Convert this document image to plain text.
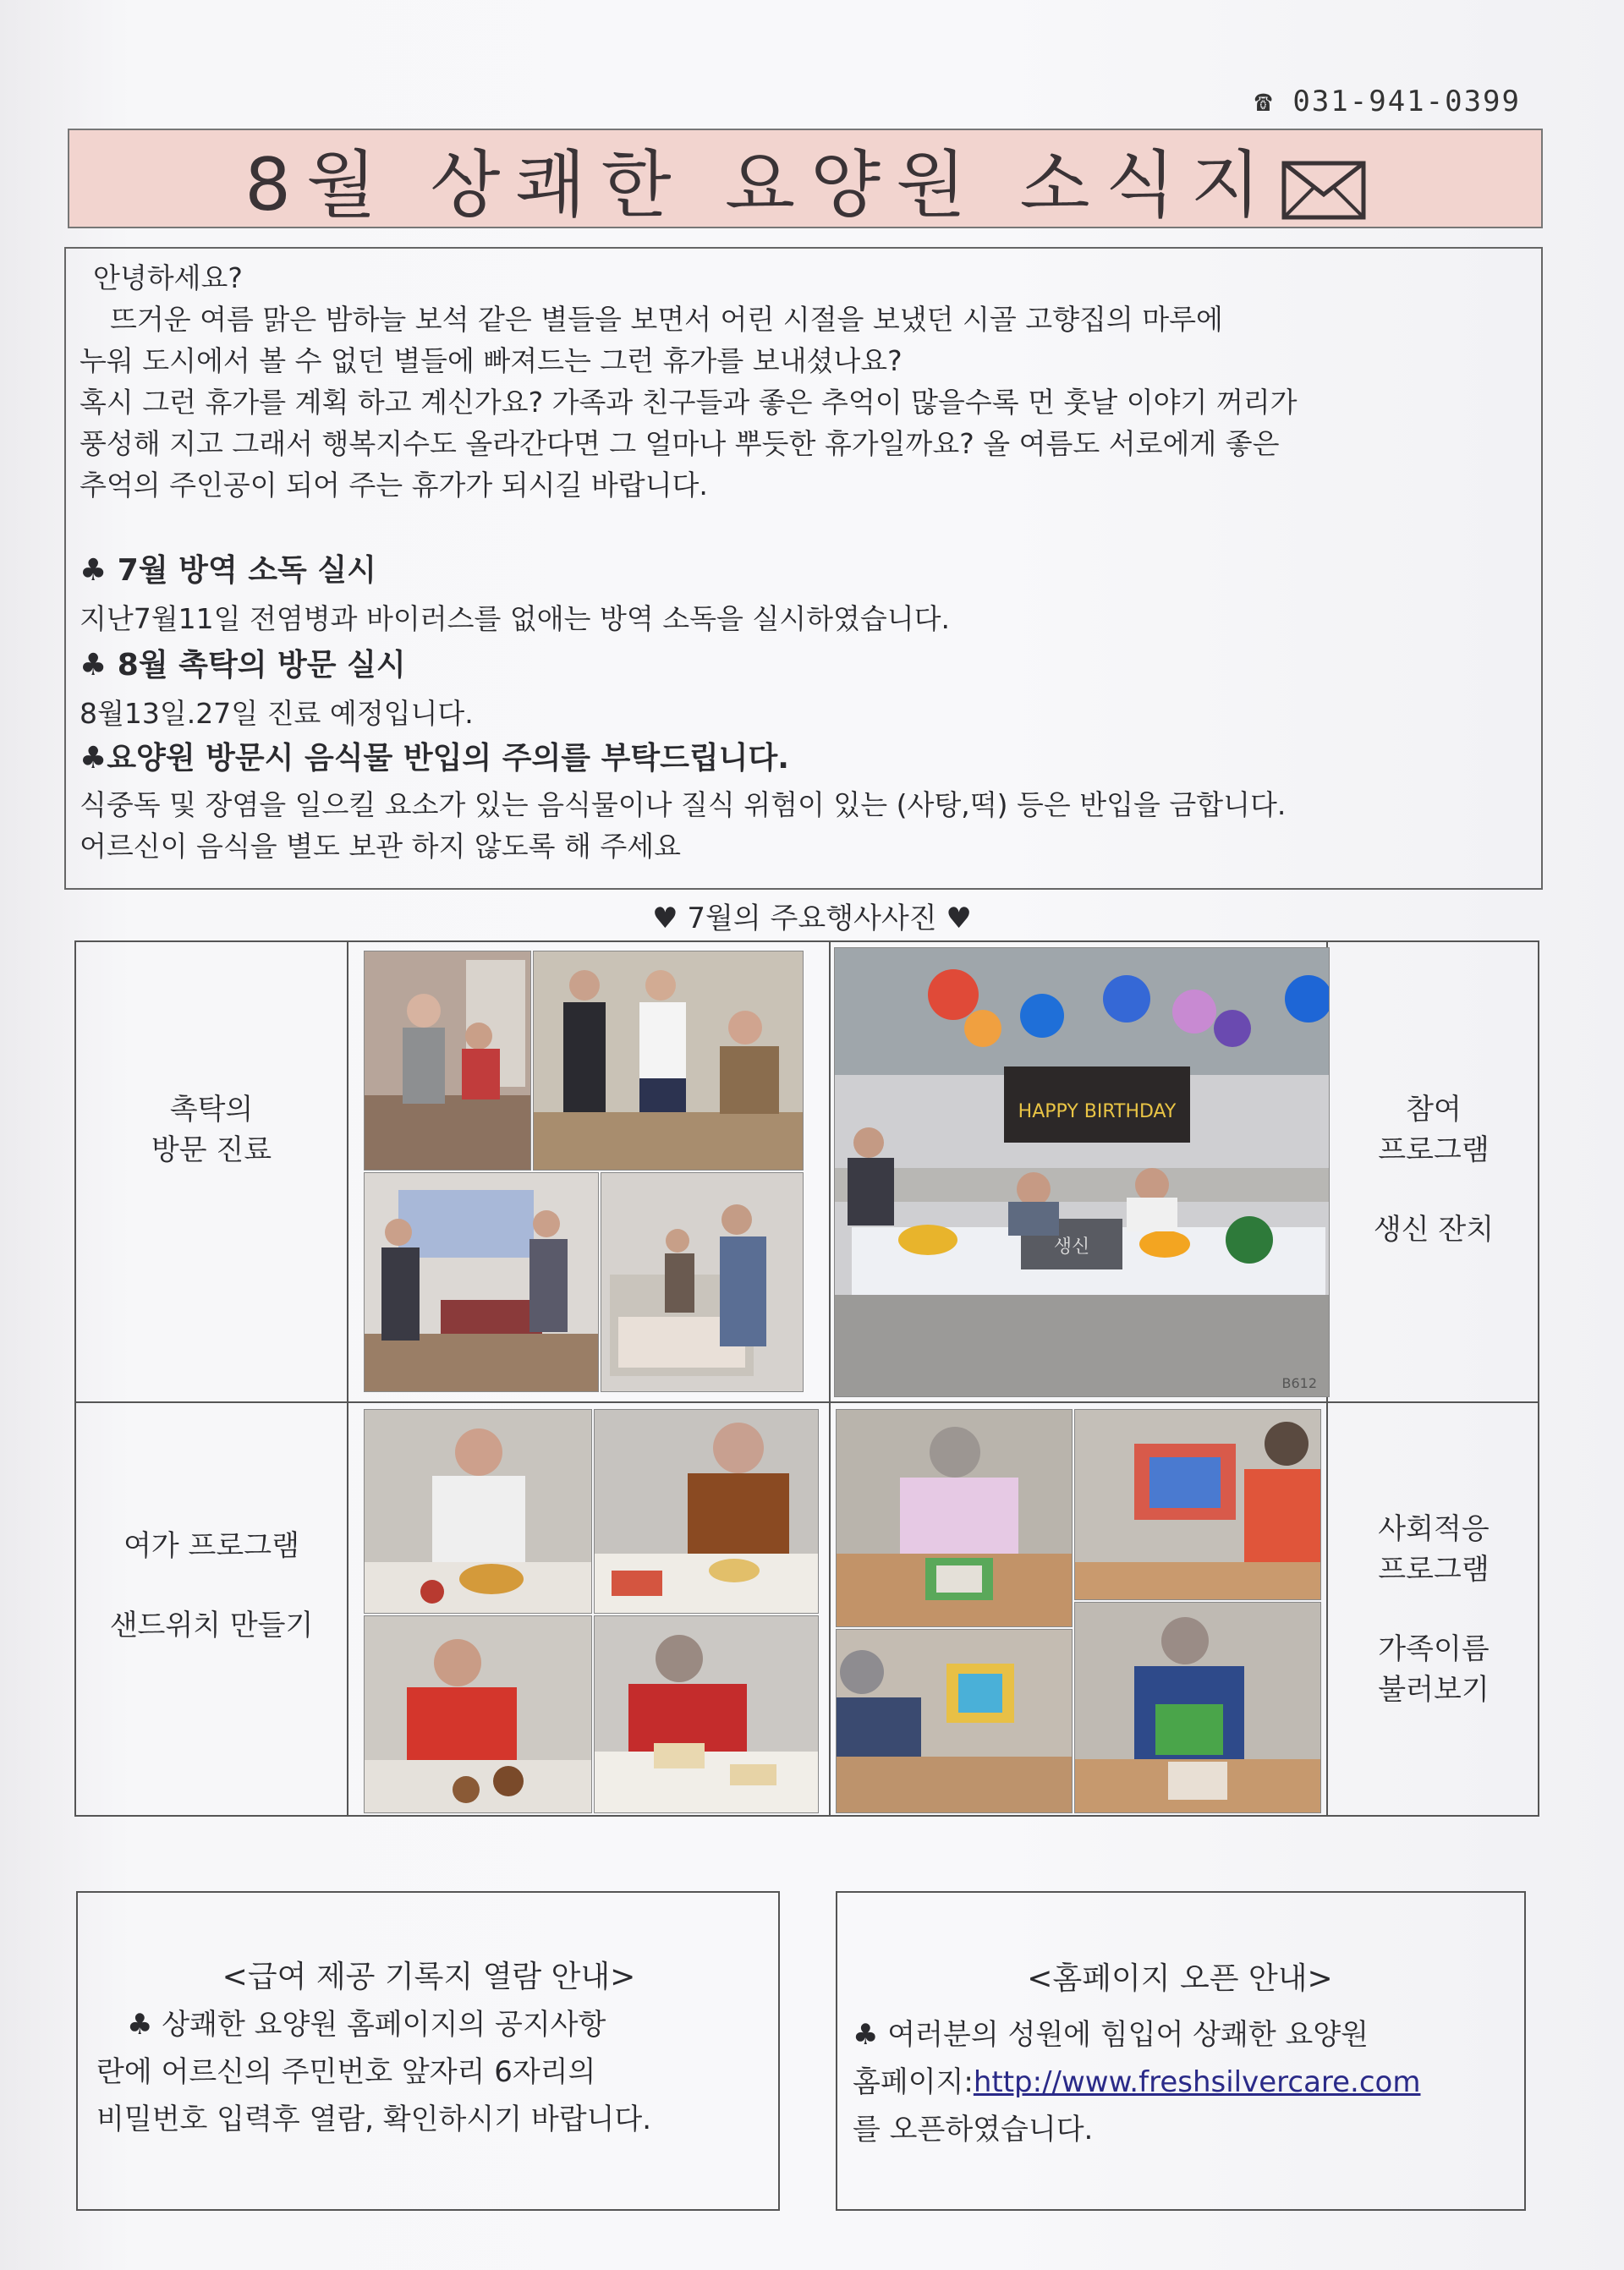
☎ 031-941-0399
8월 상쾌한 요양원 소식지

안녕하세요?

뜨거운 여름 맑은 밤하늘 보석 같은 별들을 보면서 어린 시절을 보냈던 시골 고향집의 마루에

누워 도시에서 볼 수 없던 별들에 빠져드는 그런 휴가를 보내셨나요?

혹시 그런 휴가를 계획 하고 계신가요? 가족과 친구들과 좋은 추억이 많을수록 먼 훗날 이야기 꺼리가

풍성해 지고 그래서 행복지수도 올라간다면 그 얼마나 뿌듯한 휴가일까요? 올 여름도 서로에게 좋은

추억의 주인공이 되어 주는 휴가가 되시길 바랍니다.

♣ 7월 방역 소독 실시

지난7월11일 전염병과 바이러스를 없애는 방역 소독을 실시하였습니다.

♣ 8월 촉탁의 방문 실시

8월13일.27일 진료 예정입니다.

♣요양원 방문시 음식물 반입의 주의를 부탁드립니다.

식중독 및 장염을 일으킬 요소가 있는 음식물이나 질식 위험이 있는 (사탕,떡) 등은 반입을 금합니다.

어르신이 음식을 별도 보관 하지 않도록 해 주세요

♥ 7월의 주요행사사진 ♥
촉탁의
방문 진료
HAPPY BIRTHDAY
생신
B612
참여
프로그램
생신 잔치
여가 프로그램
샌드위치 만들기
사회적응
프로그램
가족이름
불러보기
<급여 제공 기록지 열람 안내>

♣ 상쾌한 요양원 홈페이지의 공지사항

란에 어르신의 주민번호 앞자리 6자리의

비밀번호 입력후 열람, 확인하시기 바랍니다.

<홈페이지 오픈 안내>

♣ 여러분의 성원에 힘입어 상쾌한 요양원

홈페이지:http://www.freshsilvercare.com

를 오픈하였습니다.
